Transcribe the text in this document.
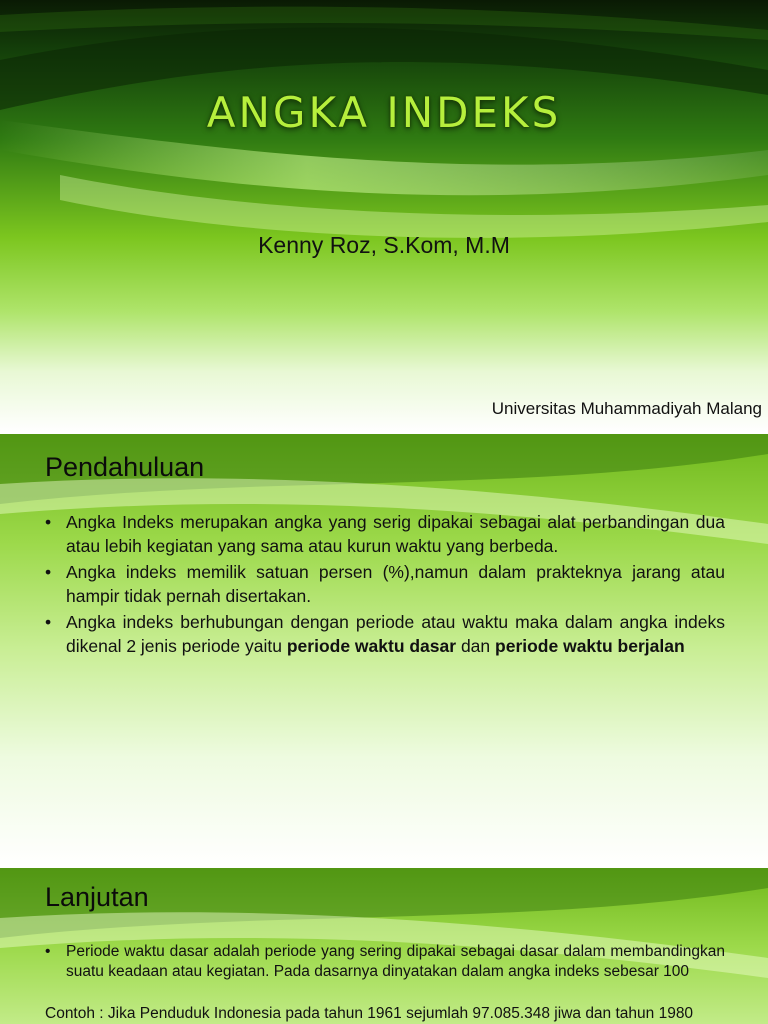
ANGKA INDEKS

Kenny Roz, S.Kom, M.M

Universitas Muhammadiyah Malang

Pendahuluan
• Angka Indeks merupakan angka yang serig dipakai sebagai alat perbandingan dua atau lebih kegiatan yang sama atau kurun waktu yang berbeda.
• Angka indeks memilik satuan persen (%),namun dalam prakteknya jarang atau hampir tidak pernah disertakan.
• Angka indeks berhubungan dengan periode atau waktu maka dalam angka indeks dikenal 2 jenis periode yaitu periode waktu dasar dan periode waktu berjalan
Lanjutan
• Periode waktu dasar adalah periode yang sering dipakai sebagai dasar dalam membandingkan suatu keadaan atau kegiatan. Pada dasarnya dinyatakan dalam angka indeks sebesar 100

Contoh : Jika Penduduk Indonesia pada tahun 1961 sejumlah 97.085.348 jiwa dan tahun 1980
